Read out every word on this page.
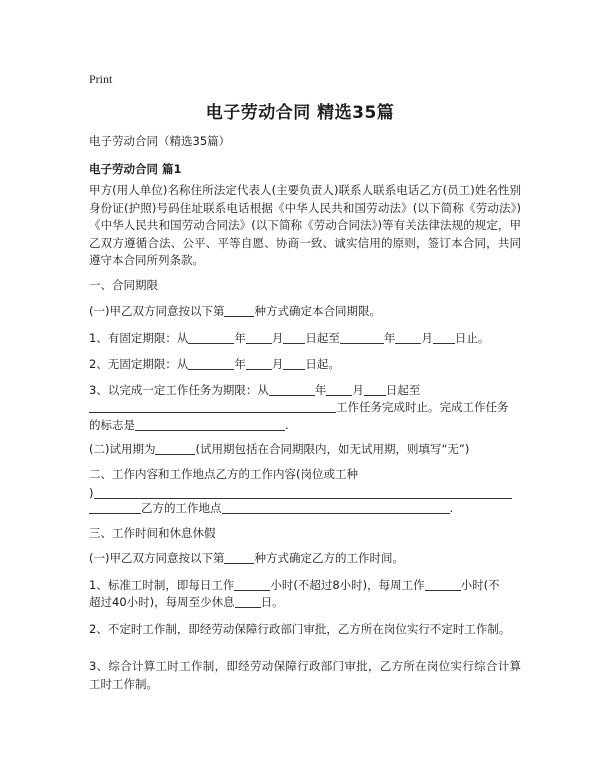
Print
电子劳动合同 精选35篇
电子劳动合同（精选35篇）
电子劳动合同 篇1
甲方(用人单位)名称住所法定代表人(主要负责人)联系人联系电话乙方(员工)姓名性别身份证(护照)号码住址联系电话根据《中华人民共和国劳动法》(以下简称《劳动法》)《中华人民共和国劳动合同法》(以下简称《劳动合同法》)等有关法律法规的规定，甲乙双方遵循合法、公平、平等自愿、协商一致、诚实信用的原则，签订本合同，共同遵守本合同所列条款。
一、合同期限
(一)甲乙双方同意按以下第	种方式确定本合同期限。
1、有固定期限：从	年 月 日起至	年 月 日止。
2、无固定期限：从	年 月 日起。
3、以完成一定工作任务为期限：从	年 月 日起至
工作任务完成时止。完成工作任务
的标志是	.
(二)试用期为	(试用期包括在合同期限内，如无试用期，则填写“无”)
二、工作内容和工作地点乙方的工作内容(岗位或工种
)
乙方的工作地点	.
三、工作时间和休息休假
(一)甲乙双方同意按以下第	种方式确定乙方的工作时间。
1、标准工时制，即每日工作	小时(不超过8小时)，每周工作	小时(不
超过40小时)，每周至少休息 日。
2、不定时工作制，即经劳动保障行政部门审批，乙方所在岗位实行不定时工作制。
3、综合计算工时工作制，即经劳动保障行政部门审批，乙方所在岗位实行综合计算工时工作制。
